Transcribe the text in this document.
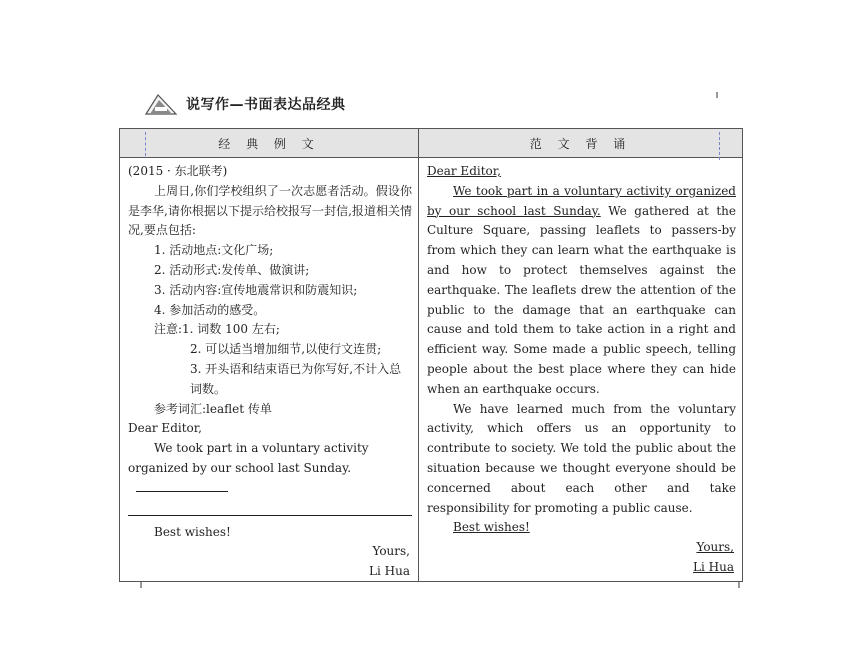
说写作—书面表达品经典
经 典 例 文

(2015 · 东北联考)

上周日,你们学校组织了一次志愿者活动。假设你是李华,请你根据以下提示给校报写一封信,报道相关情况,要点包括:

1. 活动地点:文化广场;

2. 活动形式:发传单、做演讲;

3. 活动内容:宣传地震常识和防震知识;

4. 参加活动的感受。

注意:1. 词数 100 左右;

2. 可以适当增加细节,以使行文连贯;

3. 开头语和结束语已为你写好,不计入总词数。

参考词汇:leaflet 传单

Dear Editor,

We took part in a voluntary activity organized by our school last Sunday.

Best wishes!

Yours,

Li Hua

范 文 背 诵

Dear Editor,

We took part in a voluntary activity organized by our school last Sunday. We gathered at the Culture Square, passing leaflets to passers-by from which they can learn what the earthquake is and how to protect themselves against the earthquake. The leaflets drew the attention of the public to the damage that an earthquake can cause and told them to take action in a right and efficient way. Some made a public speech, telling people about the best place where they can hide when an earthquake occurs.

We have learned much from the voluntary activity, which offers us an opportunity to contribute to society. We told the public about the situation because we thought everyone should be concerned about each other and take responsibility for promoting a public cause.

Best wishes!

Yours,

Li Hua
